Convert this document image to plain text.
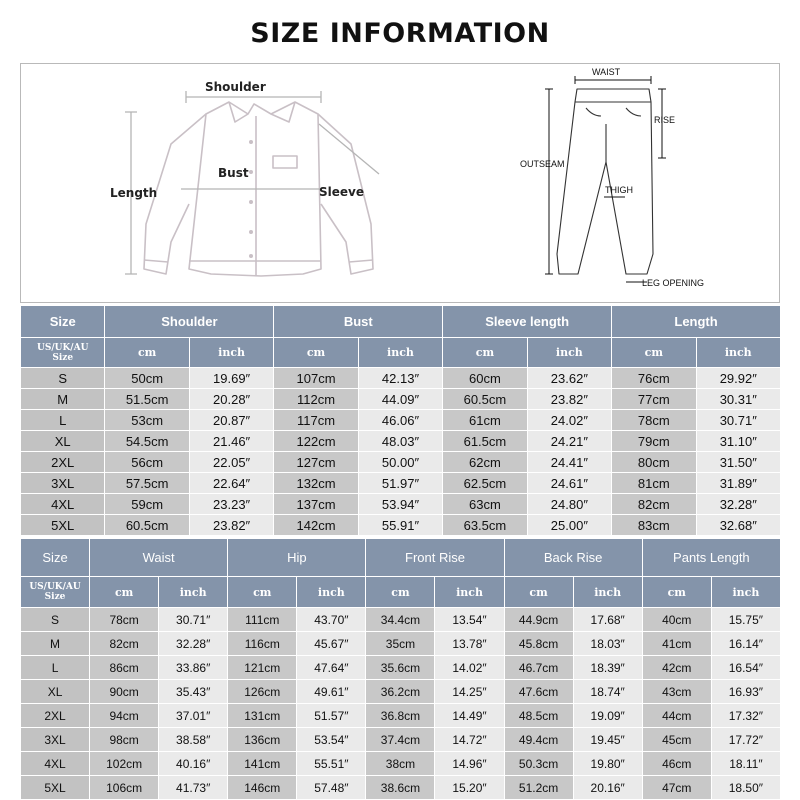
SIZE INFORMATION
Shoulder
Bust
Length	Sleeve
WAIST
RISE
OUTSEAM
THIGH
LEG OPENING
Size	Shoulder		Bust		Sleeve length		Length	

US/UK/AU
Size	cm	inch	cm	inch	cm	inch	cm	inch
S	50cm	19.69″	107cm	42.13″	60cm	23.62″	76cm	29.92″
M	51.5cm	20.28″	112cm	44.09″	60.5cm	23.82″	77cm	30.31″
L	53cm	20.87″	117cm	46.06″	61cm	24.02″	78cm	30.71″
XL	54.5cm	21.46″	122cm	48.03″	61.5cm	24.21″	79cm	31.10″
2XL	56cm	22.05″	127cm	50.00″	62cm	24.41″	80cm	31.50″
3XL	57.5cm	22.64″	132cm	51.97″	62.5cm	24.61″	81cm	31.89″
4XL	59cm	23.23″	137cm	53.94″	63cm	24.80″	82cm	32.28″
5XL	60.5cm	23.82″	142cm	55.91″	63.5cm	25.00″	83cm	32.68″
Size	Waist		Hip		Front Rise		Back Rise		Pants Length	

US/UK/AU
Size	cm	inch	cm	inch	cm	inch	cm	inch	cm	inch
S	78cm	30.71″	111cm	43.70″	34.4cm	13.54″	44.9cm	17.68″	40cm	15.75″
M	82cm	32.28″	116cm	45.67″	35cm	13.78″	45.8cm	18.03″	41cm	16.14″
L	86cm	33.86″	121cm	47.64″	35.6cm	14.02″	46.7cm	18.39″	42cm	16.54″
XL	90cm	35.43″	126cm	49.61″	36.2cm	14.25″	47.6cm	18.74″	43cm	16.93″
2XL	94cm	37.01″	131cm	51.57″	36.8cm	14.49″	48.5cm	19.09″	44cm	17.32″
3XL	98cm	38.58″	136cm	53.54″	37.4cm	14.72″	49.4cm	19.45″	45cm	17.72″
4XL	102cm	40.16″	141cm	55.51″	38cm	14.96″	50.3cm	19.80″	46cm	18.11″
5XL	106cm	41.73″	146cm	57.48″	38.6cm	15.20″	51.2cm	20.16″	47cm	18.50″
